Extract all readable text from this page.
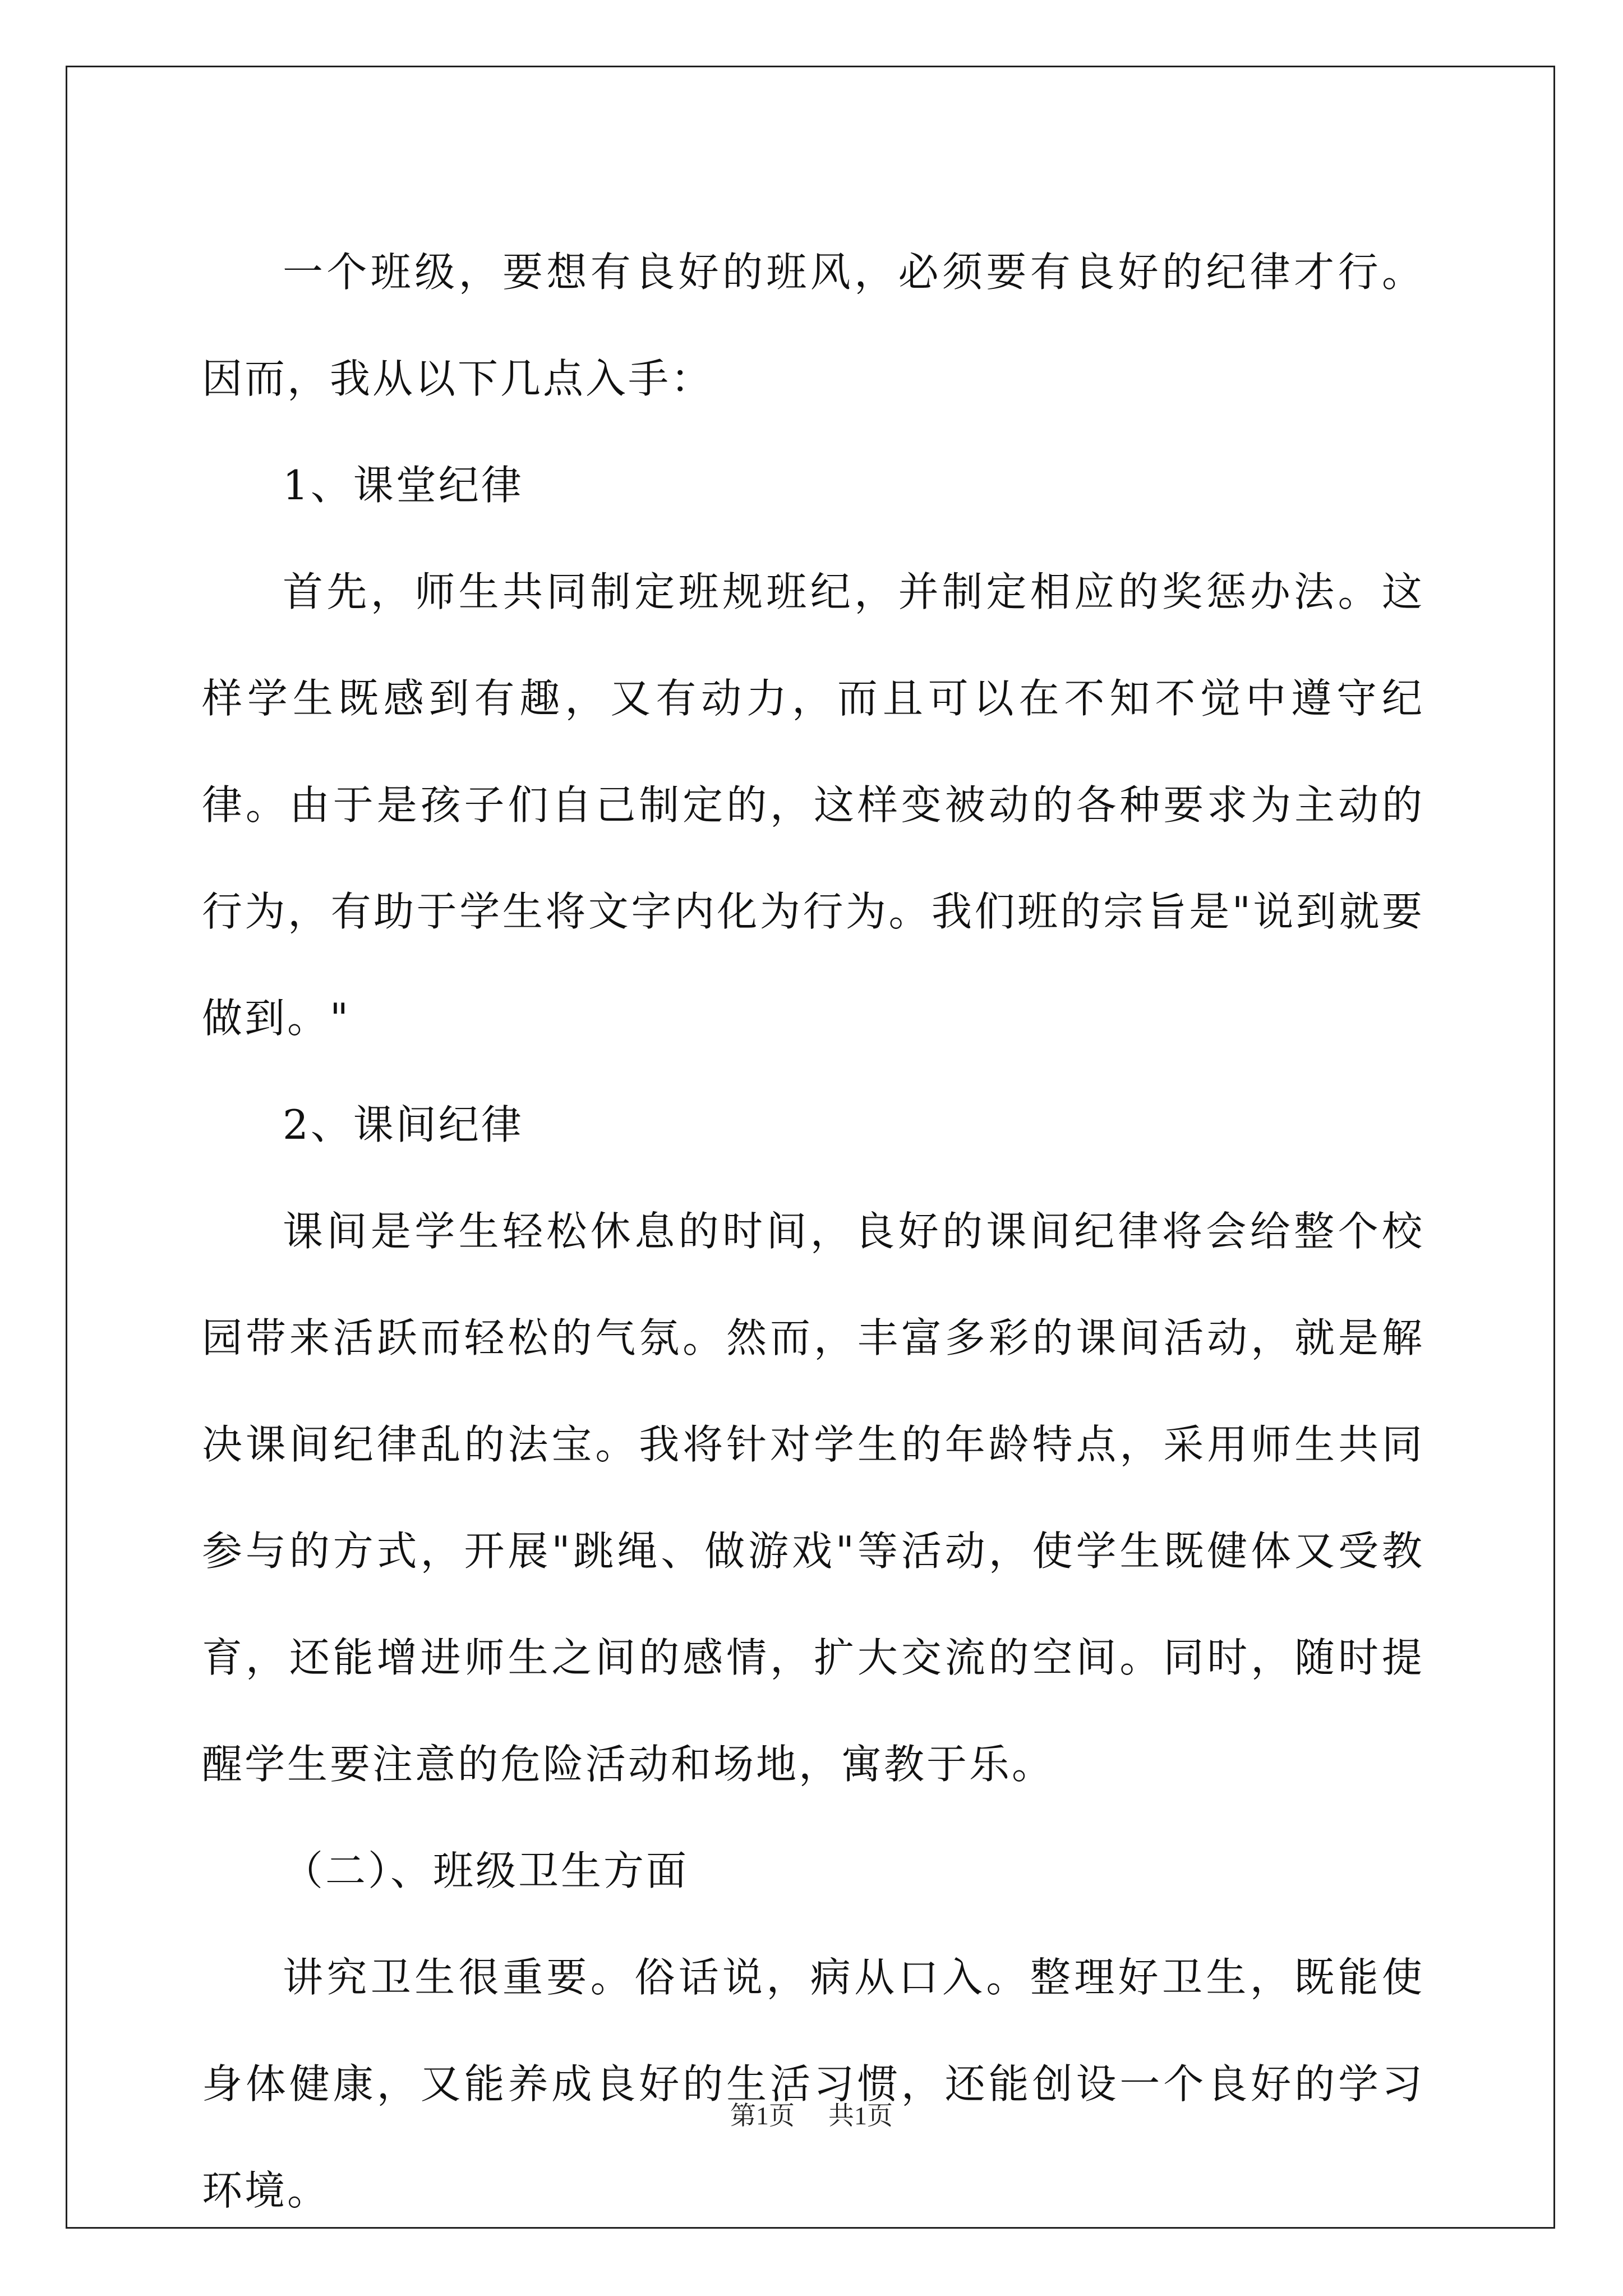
一个班级，要想有良好的班风，必须要有良好的纪律才行。因而，我从以下几点入手：

1、课堂纪律

首先，师生共同制定班规班纪，并制定相应的奖惩办法。这样学生既感到有趣，又有动力，而且可以在不知不觉中遵守纪律。由于是孩子们自己制定的，这样变被动的各种要求为主动的行为，有助于学生将文字内化为行为。我们班的宗旨是"说到就要做到。"

2、课间纪律

课间是学生轻松休息的时间，良好的课间纪律将会给整个校园带来活跃而轻松的气氛。然而，丰富多彩的课间活动，就是解决课间纪律乱的法宝。我将针对学生的年龄特点，采用师生共同参与的方式，开展"跳绳、做游戏"等活动，使学生既健体又受教育，还能增进师生之间的感情，扩大交流的空间。同时，随时提醒学生要注意的危险活动和场地，寓教于乐。

（二）、班级卫生方面

讲究卫生很重要。俗话说，病从口入。整理好卫生，既能使身体健康，又能养成良好的生活习惯，还能创设一个良好的学习环境。

第1页 共1页
